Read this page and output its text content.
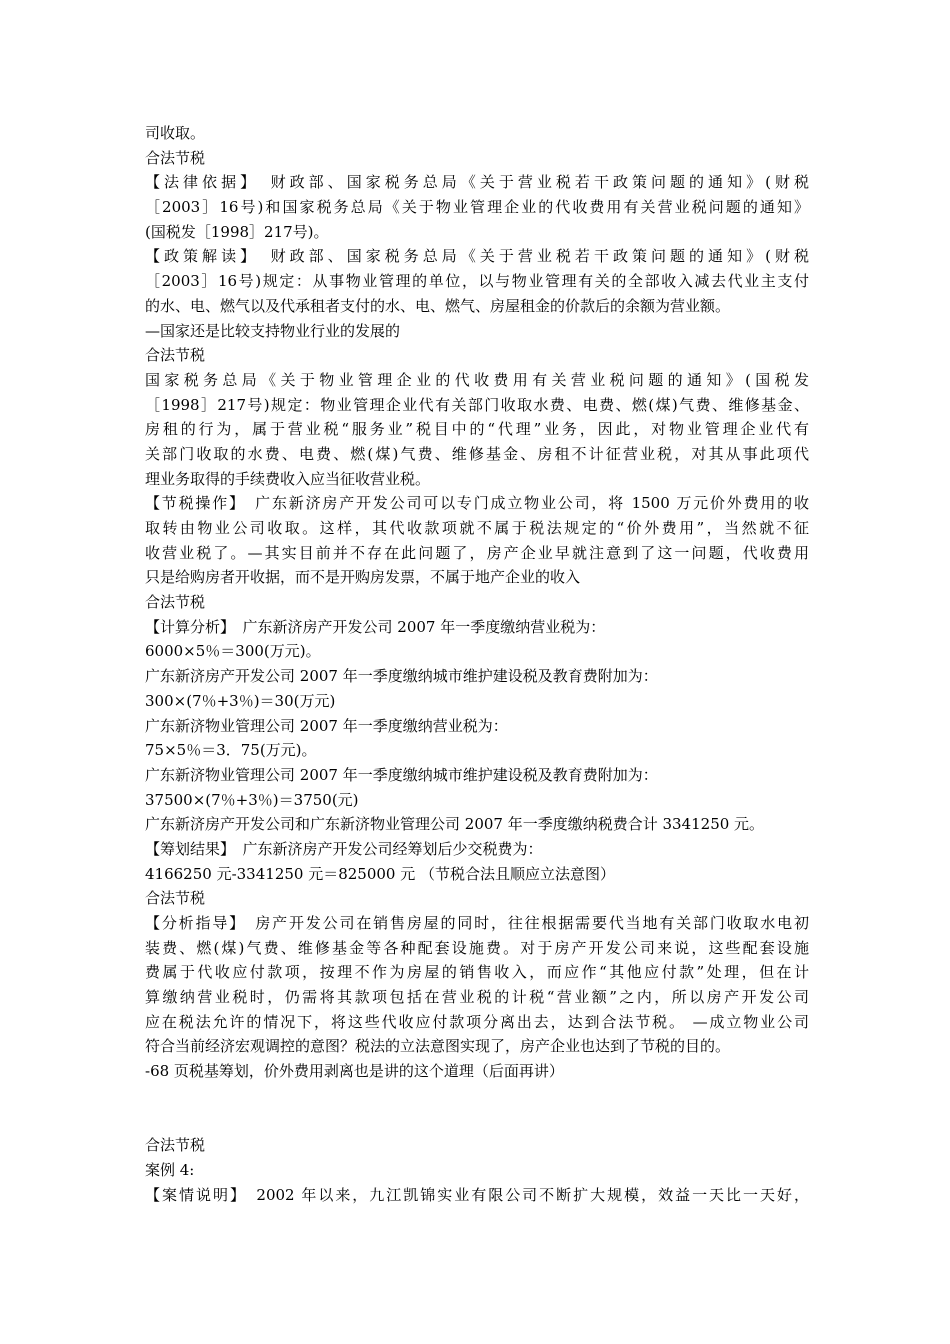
司收取。
合法节税
【法律依据】　财政部、国家税务总局《关于营业税若干政策问题的通知》(财税
［2003］16号)和国家税务总局《关于物业管理企业的代收费用有关营业税问题的通知》
(国税发［1998］217号)。
【政策解读】　财政部、国家税务总局《关于营业税若干政策问题的通知》(财税
［2003］16号)规定：从事物业管理的单位，以与物业管理有关的全部收入减去代业主支付
的水、电、燃气以及代承租者支付的水、电、燃气、房屋租金的价款后的余额为营业额。
—国家还是比较支持物业行业的发展的
合法节税
国家税务总局《关于物业管理企业的代收费用有关营业税问题的通知》(国税发
［1998］217号)规定：物业管理企业代有关部门收取水费、电费、燃(煤)气费、维修基金、
房租的行为，属于营业税“服务业”税目中的“代理”业务，因此，对物业管理企业代有
关部门收取的水费、电费、燃(煤)气费、维修基金、房租不计征营业税，对其从事此项代
理业务取得的手续费收入应当征收营业税。
【节税操作】　广东新济房产开发公司可以专门成立物业公司，将 1500 万元价外费用的收
取转由物业公司收取。这样，其代收款项就不属于税法规定的“价外费用”，当然就不征
收营业税了。—其实目前并不存在此问题了，房产企业早就注意到了这一问题，代收费用
只是给购房者开收据，而不是开购房发票，不属于地产企业的收入
合法节税
【计算分析】　广东新济房产开发公司 2007 年一季度缴纳营业税为：
6000×5％＝300(万元)。
广东新济房产开发公司 2007 年一季度缴纳城市维护建设税及教育费附加为：
300×(7％+3％)＝30(万元)
广东新济物业管理公司 2007 年一季度缴纳营业税为：
75×5％＝3．75(万元)。
广东新济物业管理公司 2007 年一季度缴纳城市维护建设税及教育费附加为：
37500×(7％+3％)＝3750(元)
广东新济房产开发公司和广东新济物业管理公司 2007 年一季度缴纳税费合计 3341250 元。
【筹划结果】　广东新济房产开发公司经筹划后少交税费为：
4166250 元-3341250 元＝825000 元 （节税合法且顺应立法意图）
合法节税
【分析指导】　房产开发公司在销售房屋的同时，往往根据需要代当地有关部门收取水电初
装费、燃(煤)气费、维修基金等各种配套设施费。对于房产开发公司来说，这些配套设施
费属于代收应付款项，按理不作为房屋的销售收入，而应作“其他应付款”处理，但在计
算缴纳营业税时，仍需将其款项包括在营业税的计税“营业额”之内，所以房产开发公司
应在税法允许的情况下，将这些代收应付款项分离出去，达到合法节税。 —成立物业公司
符合当前经济宏观调控的意图？税法的立法意图实现了，房产企业也达到了节税的目的。
-68 页税基筹划，价外费用剥离也是讲的这个道理（后面再讲）
合法节税
案例 4:
【案情说明】　2002 年以来，九江凯锦实业有限公司不断扩大规模，效益一天比一天好，
